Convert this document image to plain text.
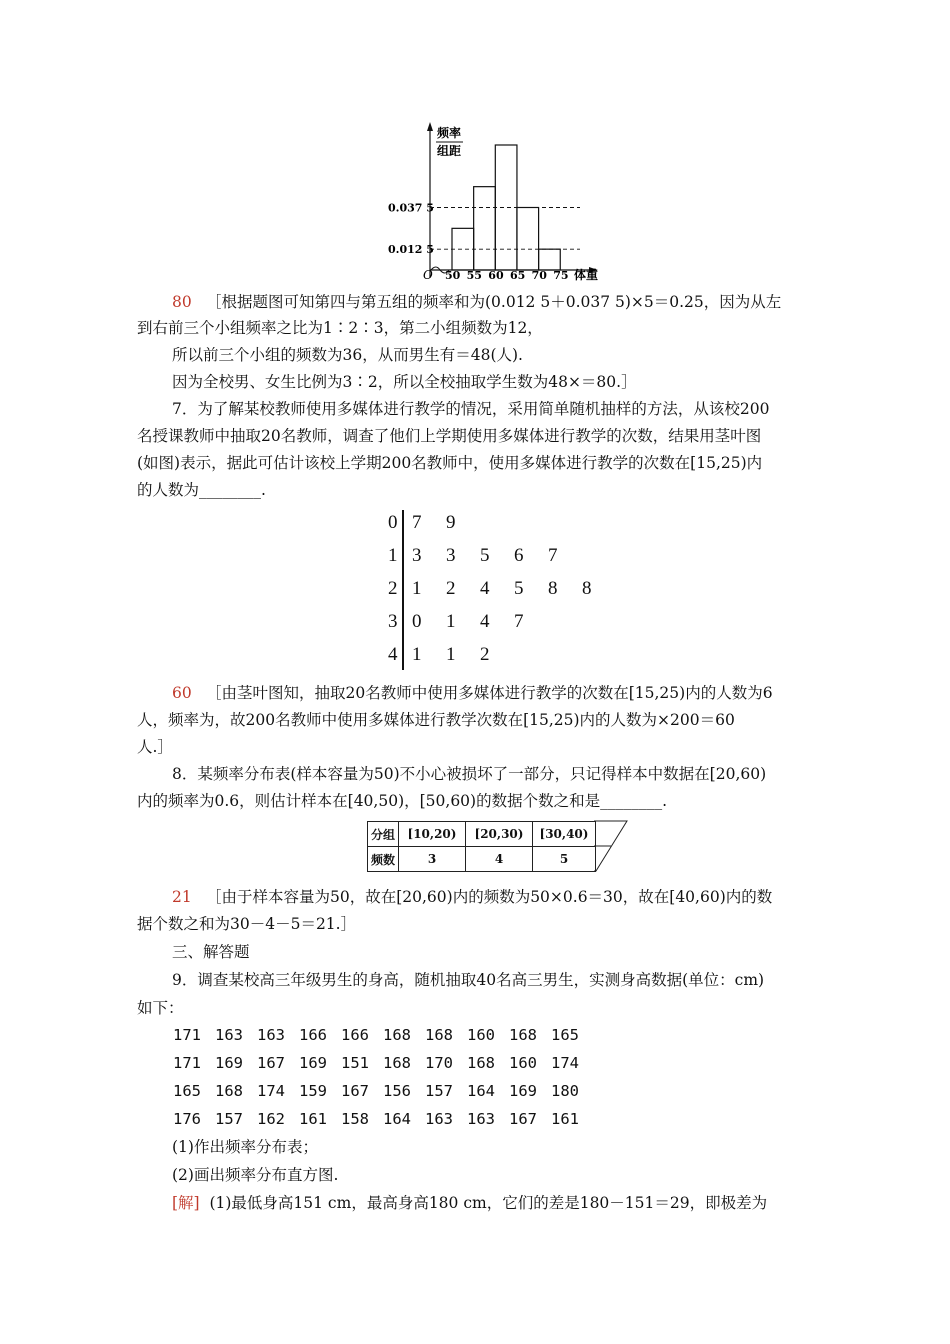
频率
组距
O	体重
50 55 60 65 70 75
0.037 5
0.012 5
80 ［根据题图可知第四与第五组的频率和为(0.012 5＋0.037 5)×5＝0.25，因为从左
到右前三个小组频率之比为1∶2∶3，第二小组频数为12，
所以前三个小组的频数为36，从而男生有＝48(人).
因为全校男、女生比例为3∶2，所以全校抽取学生数为48×＝80.］
7．为了解某校教师使用多媒体进行教学的情况，采用简单随机抽样的方法，从该校200
名授课教师中抽取20名教师，调查了他们上学期使用多媒体进行教学的次数，结果用茎叶图
(如图)表示，据此可估计该校上学期200名教师中，使用多媒体进行教学的次数在[15,25)内
的人数为________.
0 7 9
1 3 3 5 6 7
2 1 2 4 5 8 8
3 0 1 4 7
4 1 1 2
60 ［由茎叶图知，抽取20名教师中使用多媒体进行教学的次数在[15,25)内的人数为6
人，频率为，故200名教师中使用多媒体进行教学次数在[15,25)内的人数为×200＝60
人.］
8．某频率分布表(样本容量为50)不小心被损坏了一部分，只记得样本中数据在[20,60)
内的频率为0.6，则估计样本在[40,50)，[50,60)的数据个数之和是________.
分组	[10,20)	[20,30)	[30,40)
频数	3	4	5
21 ［由于样本容量为50，故在[20,60)内的频数为50×0.6＝30，故在[40,60)内的数
据个数之和为30－4－5＝21.］
三、解答题
9．调查某校高三年级男生的身高，随机抽取40名高三男生，实测身高数据(单位：cm)
如下：
171 163 163 166 166 168 168 160 168 165
171 169 167 169 151 168 170 168 160 174
165 168 174 159 167 156 157 164 169 180
176 157 162 161 158 164 163 163 167 161
(1)作出频率分布表；
(2)画出频率分布直方图.
[解] (1)最低身高151 cm，最高身高180 cm，它们的差是180－151＝29，即极差为
